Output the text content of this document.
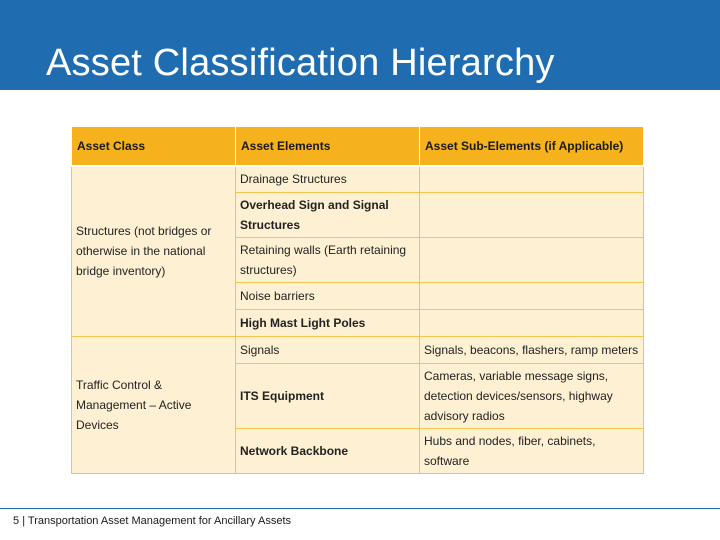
Asset Classification Hierarchy
Asset Class	Asset Elements	Asset Sub-Elements (if Applicable)
Structures (not bridges or otherwise in the national bridge inventory)	Drainage Structures	
	Overhead Sign and Signal Structures	
	Retaining walls (Earth retaining structures)	
	Noise barriers	
	High Mast Light Poles	
Traffic Control & Management – Active Devices	Signals	Signals, beacons, flashers, ramp meters
	ITS Equipment	Cameras, variable message signs, detection devices/sensors, highway advisory radios
	Network Backbone	Hubs and nodes, fiber, cabinets, software
5 | Transportation Asset Management for Ancillary Assets
